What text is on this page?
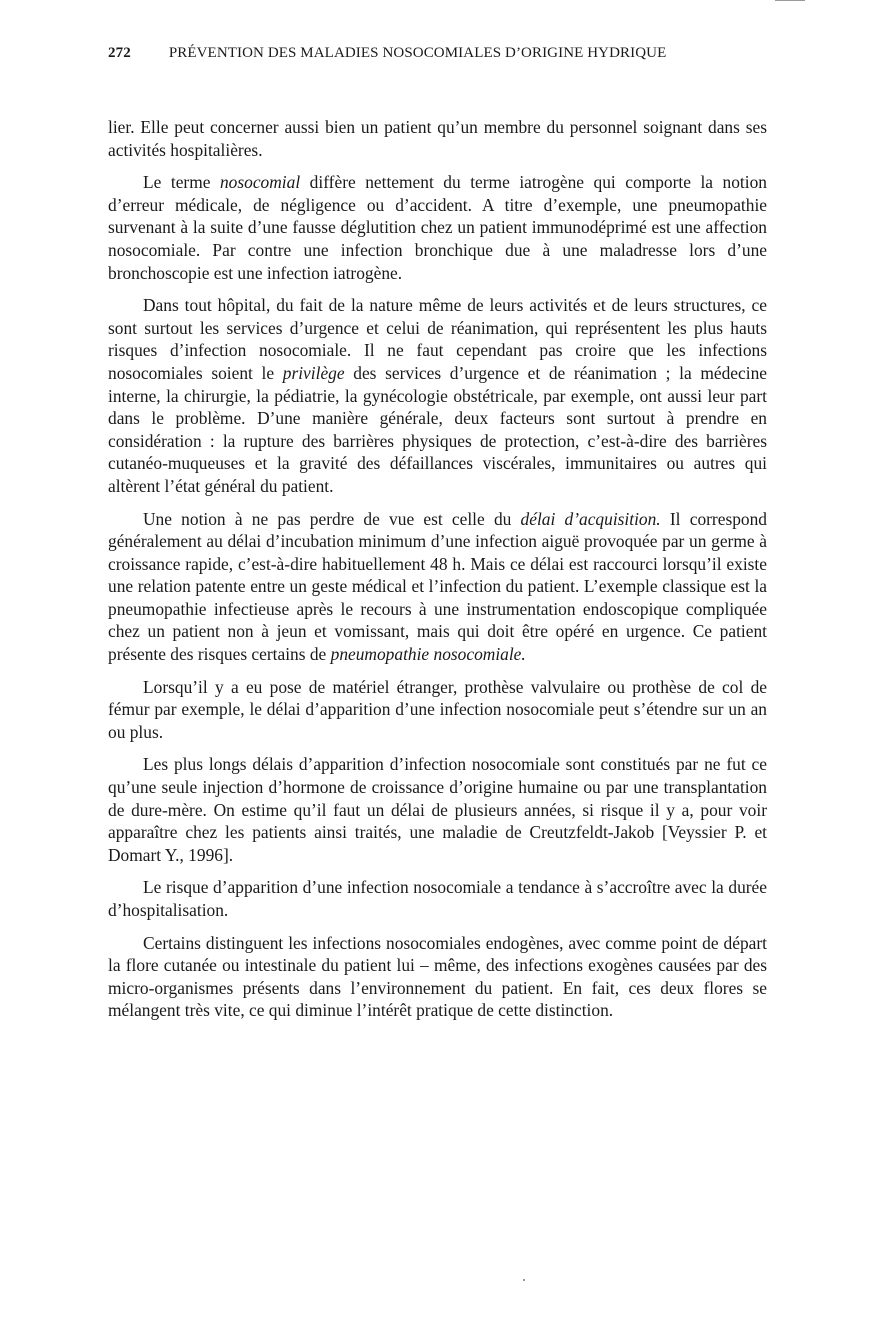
272	PRÉVENTION DES MALADIES NOSOCOMIALES D’ORIGINE HYDRIQUE

lier. Elle peut concerner aussi bien un patient qu’un membre du personnel soignant dans ses activités hospitalières.

Le terme nosocomial diffère nettement du terme iatrogène qui comporte la notion d’erreur médicale, de négligence ou d’accident. A titre d’exemple, une pneumopathie survenant à la suite d’une fausse déglutition chez un patient immunodéprimé est une affection nosocomiale. Par contre une infection bronchique due à une maladresse lors d’une bronchoscopie est une infection iatrogène.

Dans tout hôpital, du fait de la nature même de leurs activités et de leurs structures, ce sont surtout les services d’urgence et celui de réanimation, qui représentent les plus hauts risques d’infection nosocomiale. Il ne faut cependant pas croire que les infections nosocomiales soient le privilège des services d’urgence et de réanimation ; la médecine interne, la chirurgie, la pédiatrie, la gynécologie obstétricale, par exemple, ont aussi leur part dans le problème. D’une manière générale, deux facteurs sont surtout à prendre en considération : la rupture des barrières physiques de protection, c’est-à-dire des barrières cutanéo-muqueuses et la gravité des défaillances viscérales, immunitaires ou autres qui altèrent l’état général du patient.

Une notion à ne pas perdre de vue est celle du délai d’acquisition. Il correspond généralement au délai d’incubation minimum d’une infection aiguë provoquée par un germe à croissance rapide, c’est-à-dire habituellement 48 h. Mais ce délai est raccourci lorsqu’il existe une relation patente entre un geste médical et l’infection du patient. L’exemple classique est la pneumopathie infectieuse après le recours à une instrumentation endoscopique compliquée chez un patient non à jeun et vomissant, mais qui doit être opéré en urgence. Ce patient présente des risques certains de pneumopathie nosocomiale.

Lorsqu’il y a eu pose de matériel étranger, prothèse valvulaire ou prothèse de col de fémur par exemple, le délai d’apparition d’une infection nosocomiale peut s’étendre sur un an ou plus.

Les plus longs délais d’apparition d’infection nosocomiale sont constitués par ne fut ce qu’une seule injection d’hormone de croissance d’origine humaine ou par une transplantation de dure-mère. On estime qu’il faut un délai de plusieurs années, si risque il y a, pour voir apparaître chez les patients ainsi traités, une maladie de Creutzfeldt-Jakob [Veyssier P. et Domart Y., 1996].

Le risque d’apparition d’une infection nosocomiale a tendance à s’accroître avec la durée d’hospitalisation.

Certains distinguent les infections nosocomiales endogènes, avec comme point de départ la flore cutanée ou intestinale du patient lui – même, des infections exogènes causées par des micro-organismes présents dans l’environnement du patient. En fait, ces deux flores se mélangent très vite, ce qui diminue l’intérêt pratique de cette distinction.
